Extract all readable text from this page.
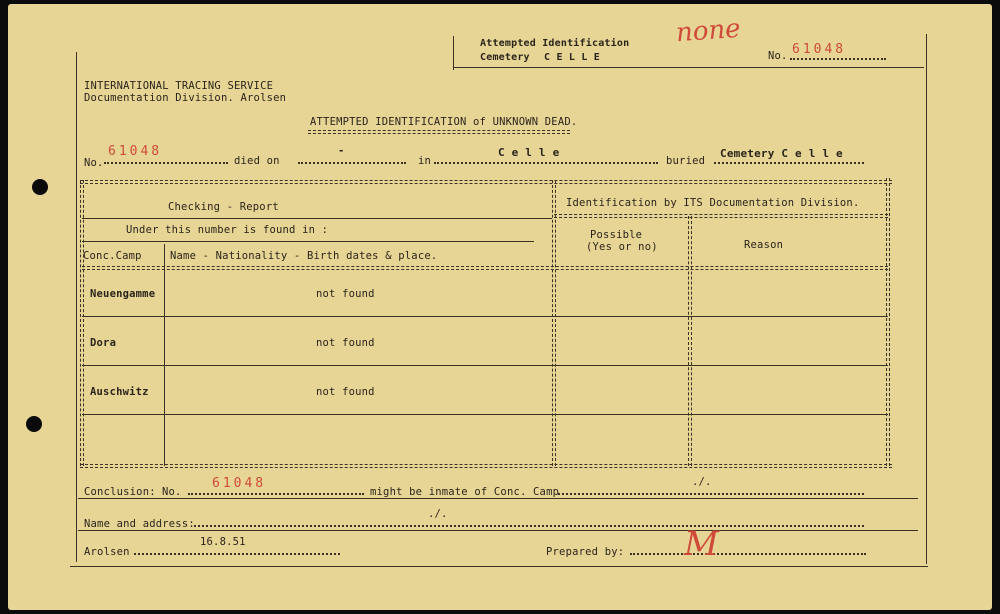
Attempted Identification
Cemetery C E L L E
none
No. 61048
INTERNATIONAL TRACING SERVICE
Documentation Division. Arolsen
ATTEMPTED IDENTIFICATION of UNKNOWN DEAD.
No.
61048
died on
-
in
C e l l e
buried
Cemetery C e l l e
Checking - Report	Identification by ITS Documentation Division.
Under this number is found in :
Conc.Camp	Name - Nationality - Birth dates & place.
Possible
(Yes or no)	Reason
Neuengamme	not found
Dora	not found
Auschwitz	not found
Conclusion: No.
61048
might be inmate of Conc. Camp
./.
Name and address:
./.
Arolsen
16.8.51
Prepared by: M
